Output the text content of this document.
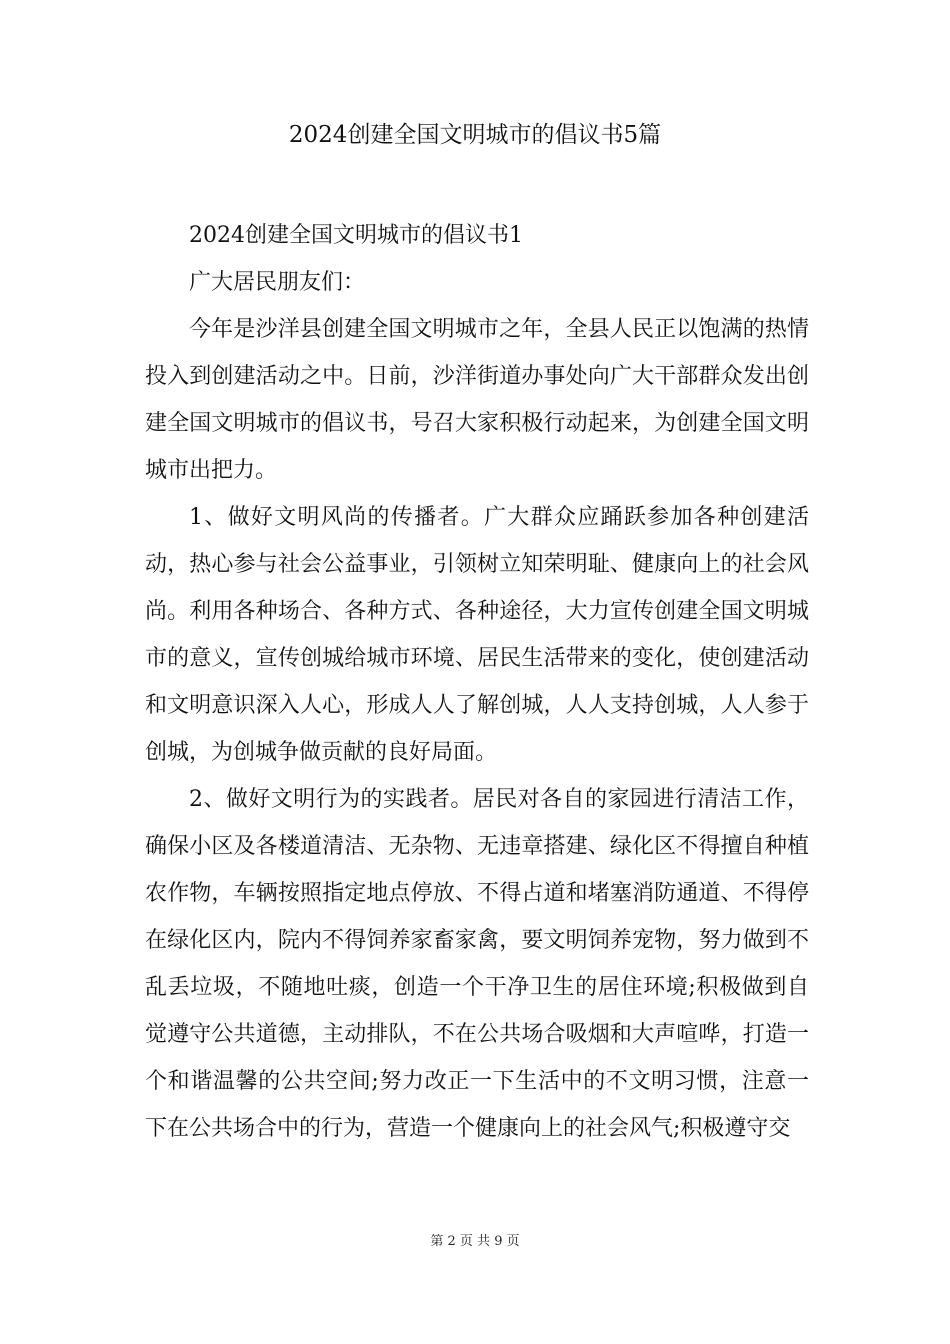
2024创建全国文明城市的倡议书5篇

2024创建全国文明城市的倡议书1

广大居民朋友们：

今年是沙洋县创建全国文明城市之年，全县人民正以饱满的热情投入到创建活动之中。日前，沙洋街道办事处向广大干部群众发出创建全国文明城市的倡议书，号召大家积极行动起来，为创建全国文明城市出把力。

1、做好文明风尚的传播者。广大群众应踊跃参加各种创建活动，热心参与社会公益事业，引领树立知荣明耻、健康向上的社会风尚。利用各种场合、各种方式、各种途径，大力宣传创建全国文明城市的意义，宣传创城给城市环境、居民生活带来的变化，使创建活动和文明意识深入人心，形成人人了解创城，人人支持创城，人人参于创城，为创城争做贡献的良好局面。

2、做好文明行为的实践者。居民对各自的家园进行清洁工作，确保小区及各楼道清洁、无杂物、无违章搭建、绿化区不得擅自种植农作物，车辆按照指定地点停放、不得占道和堵塞消防通道、不得停在绿化区内，院内不得饲养家畜家禽，要文明饲养宠物，努力做到不乱丢垃圾，不随地吐痰，创造一个干净卫生的居住环境;积极做到自觉遵守公共道德，主动排队，不在公共场合吸烟和大声喧哗，打造一个和谐温馨的公共空间;努力改正一下生活中的不文明习惯，注意一下在公共场合中的行为，营造一个健康向上的社会风气;积极遵守交

第 2 页 共 9 页
